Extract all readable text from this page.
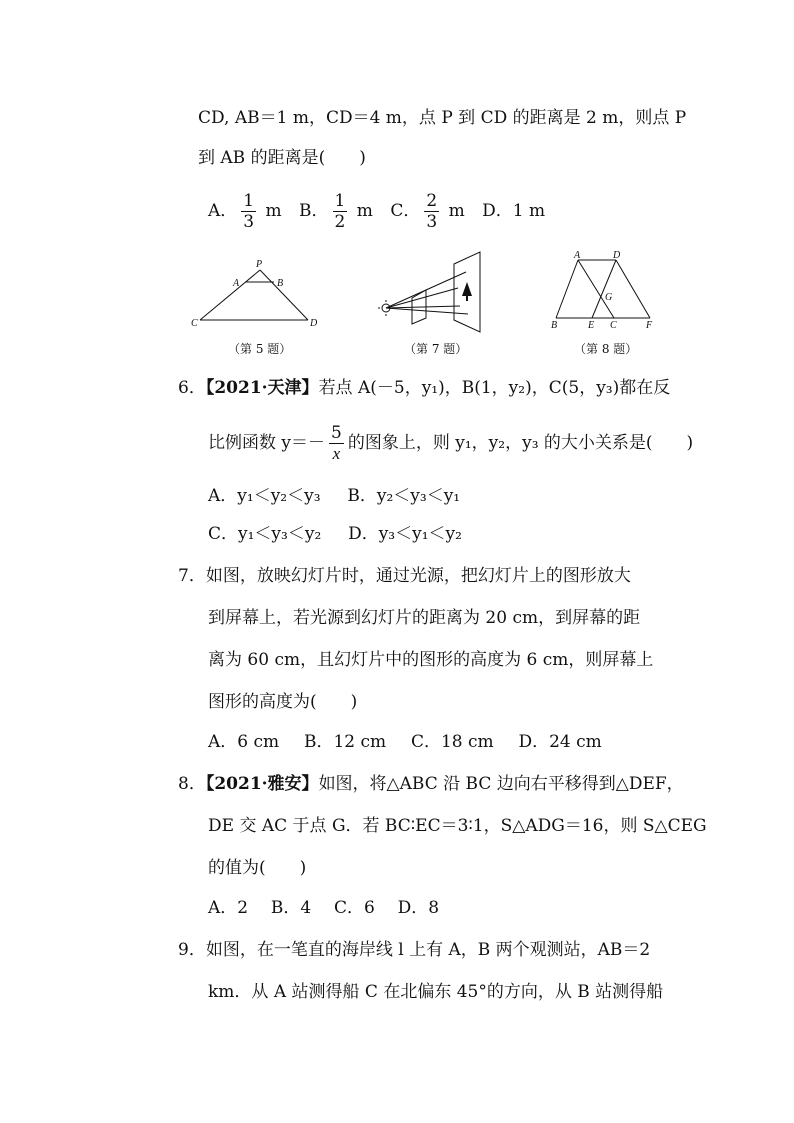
CD, AB＝1 m，CD＝4 m，点 P 到 CD 的距离是 2 m，则点 P
到 AB 的距离是(　　)
A． $\frac{1}{3}$ m B． $\frac{1}{2}$ m C． $\frac{2}{3}$ m D．1 m
P
A	B
C	D
（第 5 题）	（第 7 题）
A	D
G
B	E C	F
（第 8 题）
6．【2021·天津】若点 A(－5，y₁)，B(1，y₂)，C(5，y₃)都在反
比例函数 $y=- \frac{5}{x}$ 的图象上，则 y₁，y₂，y₃ 的大小关系是(　　)
A．y₁＜y₂＜y₃ B．y₂＜y₃＜y₁
C．y₁＜y₃＜y₂ D．y₃＜y₁＜y₂
7．如图，放映幻灯片时，通过光源，把幻灯片上的图形放大
到屏幕上，若光源到幻灯片的距离为 20 cm，到屏幕的距
离为 60 cm，且幻灯片中的图形的高度为 6 cm，则屏幕上
图形的高度为(　　)
A．6 cm B．12 cm C．18 cm D．24 cm
8．【2021·雅安】如图，将△ABC 沿 BC 边向右平移得到△DEF，
DE 交 AC 于点 G．若 BC∶EC＝3∶1，S△ADG＝16，则 S△CEG
的值为(　　)
A．2 B．4 C．6 D．8
9．如图，在一笔直的海岸线 l 上有 A，B 两个观测站，AB＝2
km．从 A 站测得船 C 在北偏东 45°的方向，从 B 站测得船
